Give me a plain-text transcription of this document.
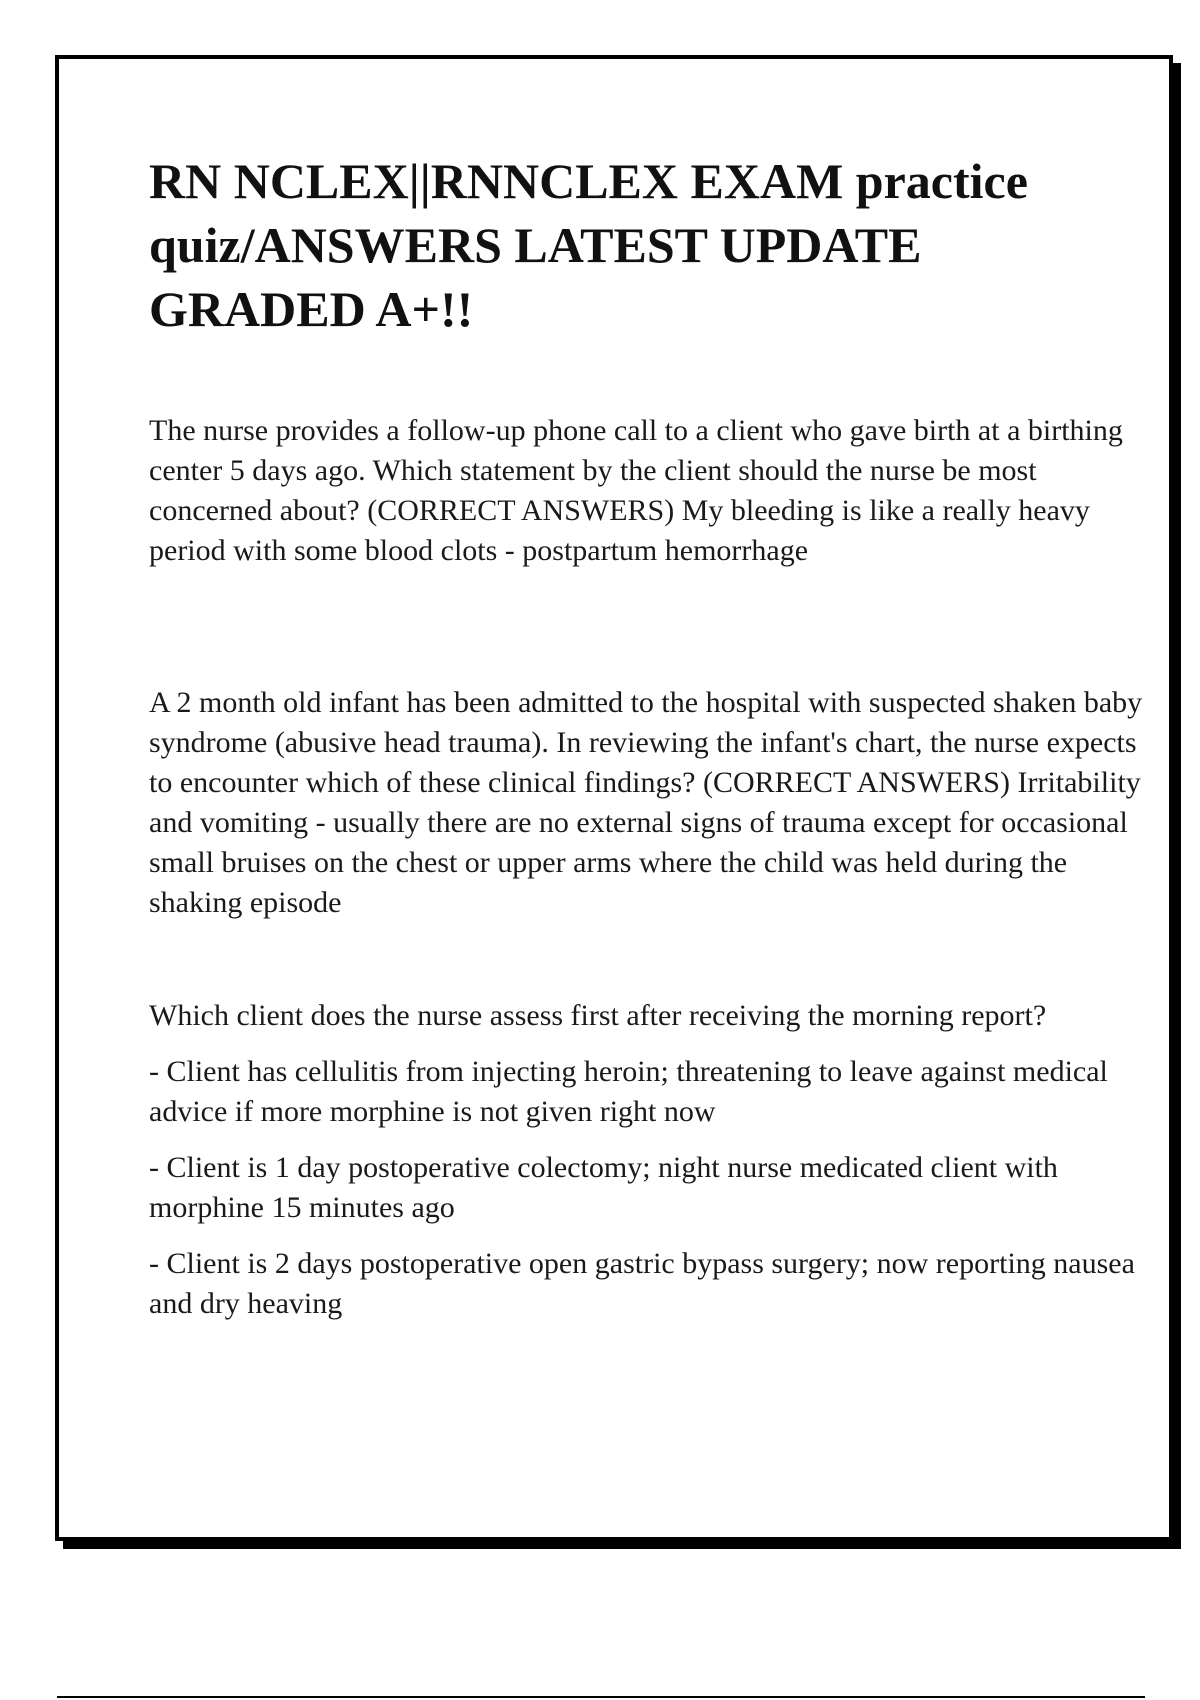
RN NCLEX||RNNCLEX EXAM practice quiz/ANSWERS LATEST UPDATE GRADED A+!!

The nurse provides a follow-up phone call to a client who gave birth at a birthing center 5 days ago. Which statement by the client should the nurse be most concerned about? (CORRECT ANSWERS) My bleeding is like a really heavy period with some blood clots - postpartum hemorrhage

A 2 month old infant has been admitted to the hospital with suspected shaken baby syndrome (abusive head trauma). In reviewing the infant's chart, the nurse expects to encounter which of these clinical findings? (CORRECT ANSWERS) Irritability and vomiting - usually there are no external signs of trauma except for occasional small bruises on the chest or upper arms where the child was held during the shaking episode

Which client does the nurse assess first after receiving the morning report?

- Client has cellulitis from injecting heroin; threatening to leave against medical advice if more morphine is not given right now

- Client is 1 day postoperative colectomy; night nurse medicated client with morphine 15 minutes ago

- Client is 2 days postoperative open gastric bypass surgery; now reporting nausea and dry heaving
